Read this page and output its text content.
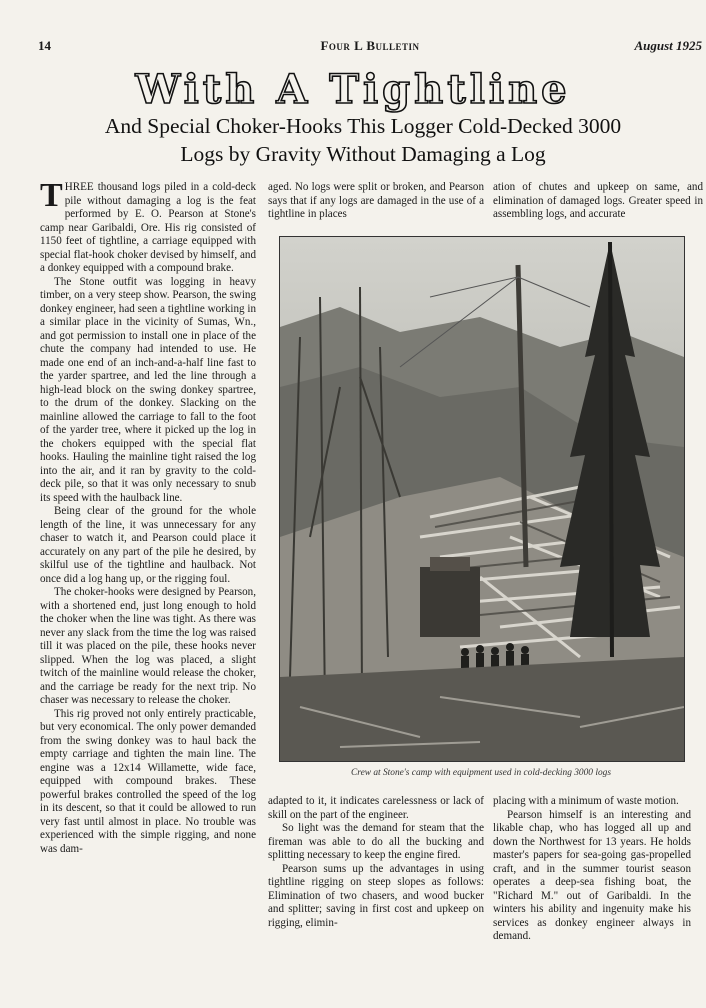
14	Four L Bulletin	August 1925
With A Tightline
And Special Choker-Hooks This Logger Cold-Decked 3000
Logs by Gravity Without Damaging a Log

THREE thousand logs piled in a cold-deck pile without damaging a log is the feat performed by E. O. Pearson at Stone's camp near Garibaldi, Ore. His rig consisted of 1150 feet of tightline, a carriage equipped with special flat-hook choker devised by himself, and a donkey equipped with a compound brake.

The Stone outfit was logging in heavy timber, on a very steep show. Pearson, the swing donkey engineer, had seen a tightline working in a similar place in the vicinity of Sumas, Wn., and got permission to install one in place of the chute the company had intended to use. He made one end of an inch-and-a-half line fast to the yarder spartree, and led the line through a high-lead block on the swing donkey spartree, to the drum of the donkey. Slacking on the mainline allowed the carriage to fall to the foot of the yarder tree, where it picked up the log in the chokers equipped with the special flat hooks. Hauling the mainline tight raised the log into the air, and it ran by gravity to the cold-deck pile, so that it was only necessary to snub its speed with the haulback line.

Being clear of the ground for the whole length of the line, it was unnecessary for any chaser to watch it, and Pearson could place it accurately on any part of the pile he desired, by skilful use of the tightline and haulback. Not once did a log hang up, or the rigging foul.

The choker-hooks were designed by Pearson, with a shortened end, just long enough to hold the choker when the line was tight. As there was never any slack from the time the log was raised till it was placed on the pile, these hooks never slipped. When the log was placed, a slight twitch of the mainline would release the choker, and the carriage be ready for the next trip. No chaser was necessary to release the choker.

This rig proved not only entirely practicable, but very economical. The only power demanded from the swing donkey was to haul back the empty carriage and tighten the main line. The engine was a 12x14 Willamette, wide face, equipped with compound brakes. These powerful brakes controlled the speed of the log in its descent, so that it could be allowed to run very fast until almost in place. No trouble was experienced with the simple rigging, and none was dam-

aged. No logs were split or broken, and Pearson says that if any logs are damaged in the use of a tightline in places

ation of chutes and upkeep on same, and elimination of damaged logs. Greater speed in assembling logs, and accurate

Crew at Stone's camp with equipment used in cold-decking 3000 logs

adapted to it, it indicates carelessness or lack of skill on the part of the engineer.

So light was the demand for steam that the fireman was able to do all the bucking and splitting necessary to keep the engine fired.

Pearson sums up the advantages in using tightline rigging on steep slopes as follows: Elimination of two chasers, and wood bucker and splitter; saving in first cost and upkeep on rigging, elimin-

placing with a minimum of waste motion.

Pearson himself is an interesting and likable chap, who has logged all up and down the Northwest for 13 years. He holds master's papers for sea-going gas-propelled craft, and in the summer tourist season operates a deep-sea fishing boat, the "Richard M." out of Garibaldi. In the winters his ability and ingenuity make his services as donkey engineer always in demand.
